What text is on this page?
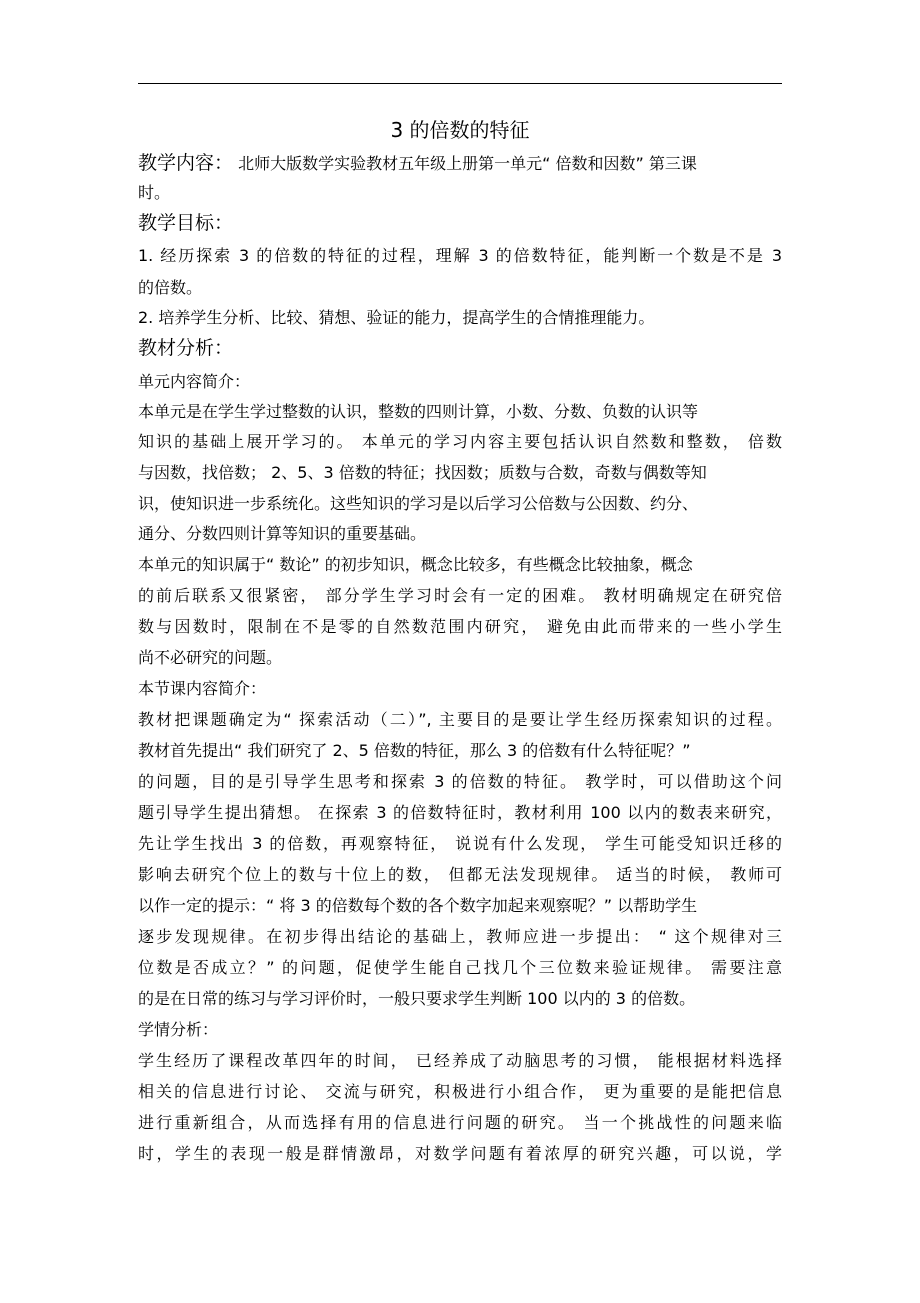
3 的倍数的特征
教学内容： 北师大版数学实验教材五年级上册第一单元“ 倍数和因数” 第三课
时。
教学目标：
1. 经历探索 3 的倍数的特征的过程，理解 3 的倍数特征，能判断一个数是不是 3
的倍数。
2. 培养学生分析、比较、猜想、验证的能力，提高学生的合情推理能力。
教材分析：
单元内容简介：
本单元是在学生学过整数的认识，整数的四则计算，小数、分数、负数的认识等
知识的基础上展开学习的。 本单元的学习内容主要包括认识自然数和整数， 倍数
与因数，找倍数； 2、5、3 倍数的特征；找因数；质数与合数，奇数与偶数等知
识，使知识进一步系统化。这些知识的学习是以后学习公倍数与公因数、约分、
通分、分数四则计算等知识的重要基础。
本单元的知识属于“ 数论” 的初步知识，概念比较多，有些概念比较抽象，概念
的前后联系又很紧密， 部分学生学习时会有一定的困难。 教材明确规定在研究倍
数与因数时，限制在不是零的自然数范围内研究， 避免由此而带来的一些小学生
尚不必研究的问题。
本节课内容简介：
教材把课题确定为“ 探索活动（二）”, 主要目的是要让学生经历探索知识的过程。
教材首先提出“ 我们研究了 2、5 倍数的特征，那么 3 的倍数有什么特征呢？”
的问题，目的是引导学生思考和探索 3 的倍数的特征。 教学时，可以借助这个问
题引导学生提出猜想。 在探索 3 的倍数特征时，教材利用 100 以内的数表来研究，
先让学生找出 3 的倍数，再观察特征， 说说有什么发现， 学生可能受知识迁移的
影响去研究个位上的数与十位上的数， 但都无法发现规律。 适当的时候， 教师可
以作一定的提示：“ 将 3 的倍数每个数的各个数字加起来观察呢？” 以帮助学生
逐步发现规律。在初步得出结论的基础上，教师应进一步提出： “ 这个规律对三
位数是否成立？” 的问题，促使学生能自己找几个三位数来验证规律。 需要注意
的是在日常的练习与学习评价时，一般只要求学生判断 100 以内的 3 的倍数。
学情分析：
学生经历了课程改革四年的时间， 已经养成了动脑思考的习惯， 能根据材料选择
相关的信息进行讨论、 交流与研究，积极进行小组合作， 更为重要的是能把信息
进行重新组合，从而选择有用的信息进行问题的研究。 当一个挑战性的问题来临
时，学生的表现一般是群情激昂，对数学问题有着浓厚的研究兴趣，可以说，学
